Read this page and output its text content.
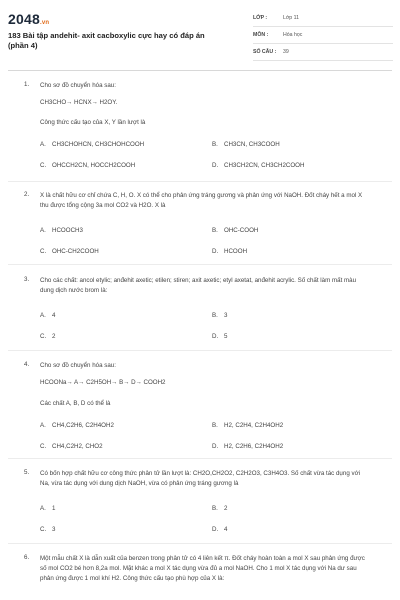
2048.vn
183 Bài tập andehit- axit cacboxylic cực hay có đáp án
(phần 4)
LỚP :	Lớp 11
MÔN :	Hóa học
SỐ CÂU : 39
1. Cho sơ đồ chuyển hóa sau:
CH3CHO→ HCNX→ H2OY.
Công thức cấu tạo của X, Y lần lượt là
A. CH3CHOHCN, CH3CHOHCOOH	B. CH3CN, CH3COOH
C. OHCCH2CN, HOCCH2COOH	D. CH3CH2CN, CH3CH2COOH
2. X là chất hữu cơ chỉ chứa C, H, O. X có thể cho phản ứng tráng gương và phản ứng với NaOH. Đốt cháy hết a mol X thu được tổng cộng 3a mol CO2 và H2O. X là
A. HCOOCH3	B. OHC-COOH
C. OHC-CH2COOH	D. HCOOH
3. Cho các chất: ancol etylic; anđehit axetic; etilen; stiren; axit axetic; etyl axetat, anđehit acrylic. Số chất làm mất màu dung dịch nước brom là:
A. 4	B. 3
C. 2	D. 5
4. Cho sơ đồ chuyển hóa sau:
HCOONa→ A→ C2H5OH→ B→ D→ COOH2
Các chất A, B, D có thể là
A. CH4,C2H6, C2H4OH2	B. H2, C2H4, C2H4OH2
C. CH4,C2H2, CHO2	D. H2, C2H6, C2H4OH2
5. Có bốn hợp chất hữu cơ công thức phân tử lần lượt là: CH2O,CH2O2, C2H2O3, C3H4O3. Số chất vừa tác dụng với Na, vừa tác dụng với dung dịch NaOH, vừa có phản ứng tráng gương là
A. 1	B. 2
C. 3	D. 4
6. Một mẫu chất X là dẫn xuất của benzen trong phân tử có 4 liên kết π. Đốt cháy hoàn toàn a mol X sau phản ứng được số mol CO2 bé hơn 8,2a mol. Mặt khác a mol X tác dụng vừa đủ a mol NaOH. Cho 1 mol X tác dụng với Na dư sau phản ứng được 1 mol khí H2. Công thức cấu tạo phù hợp của X là:
